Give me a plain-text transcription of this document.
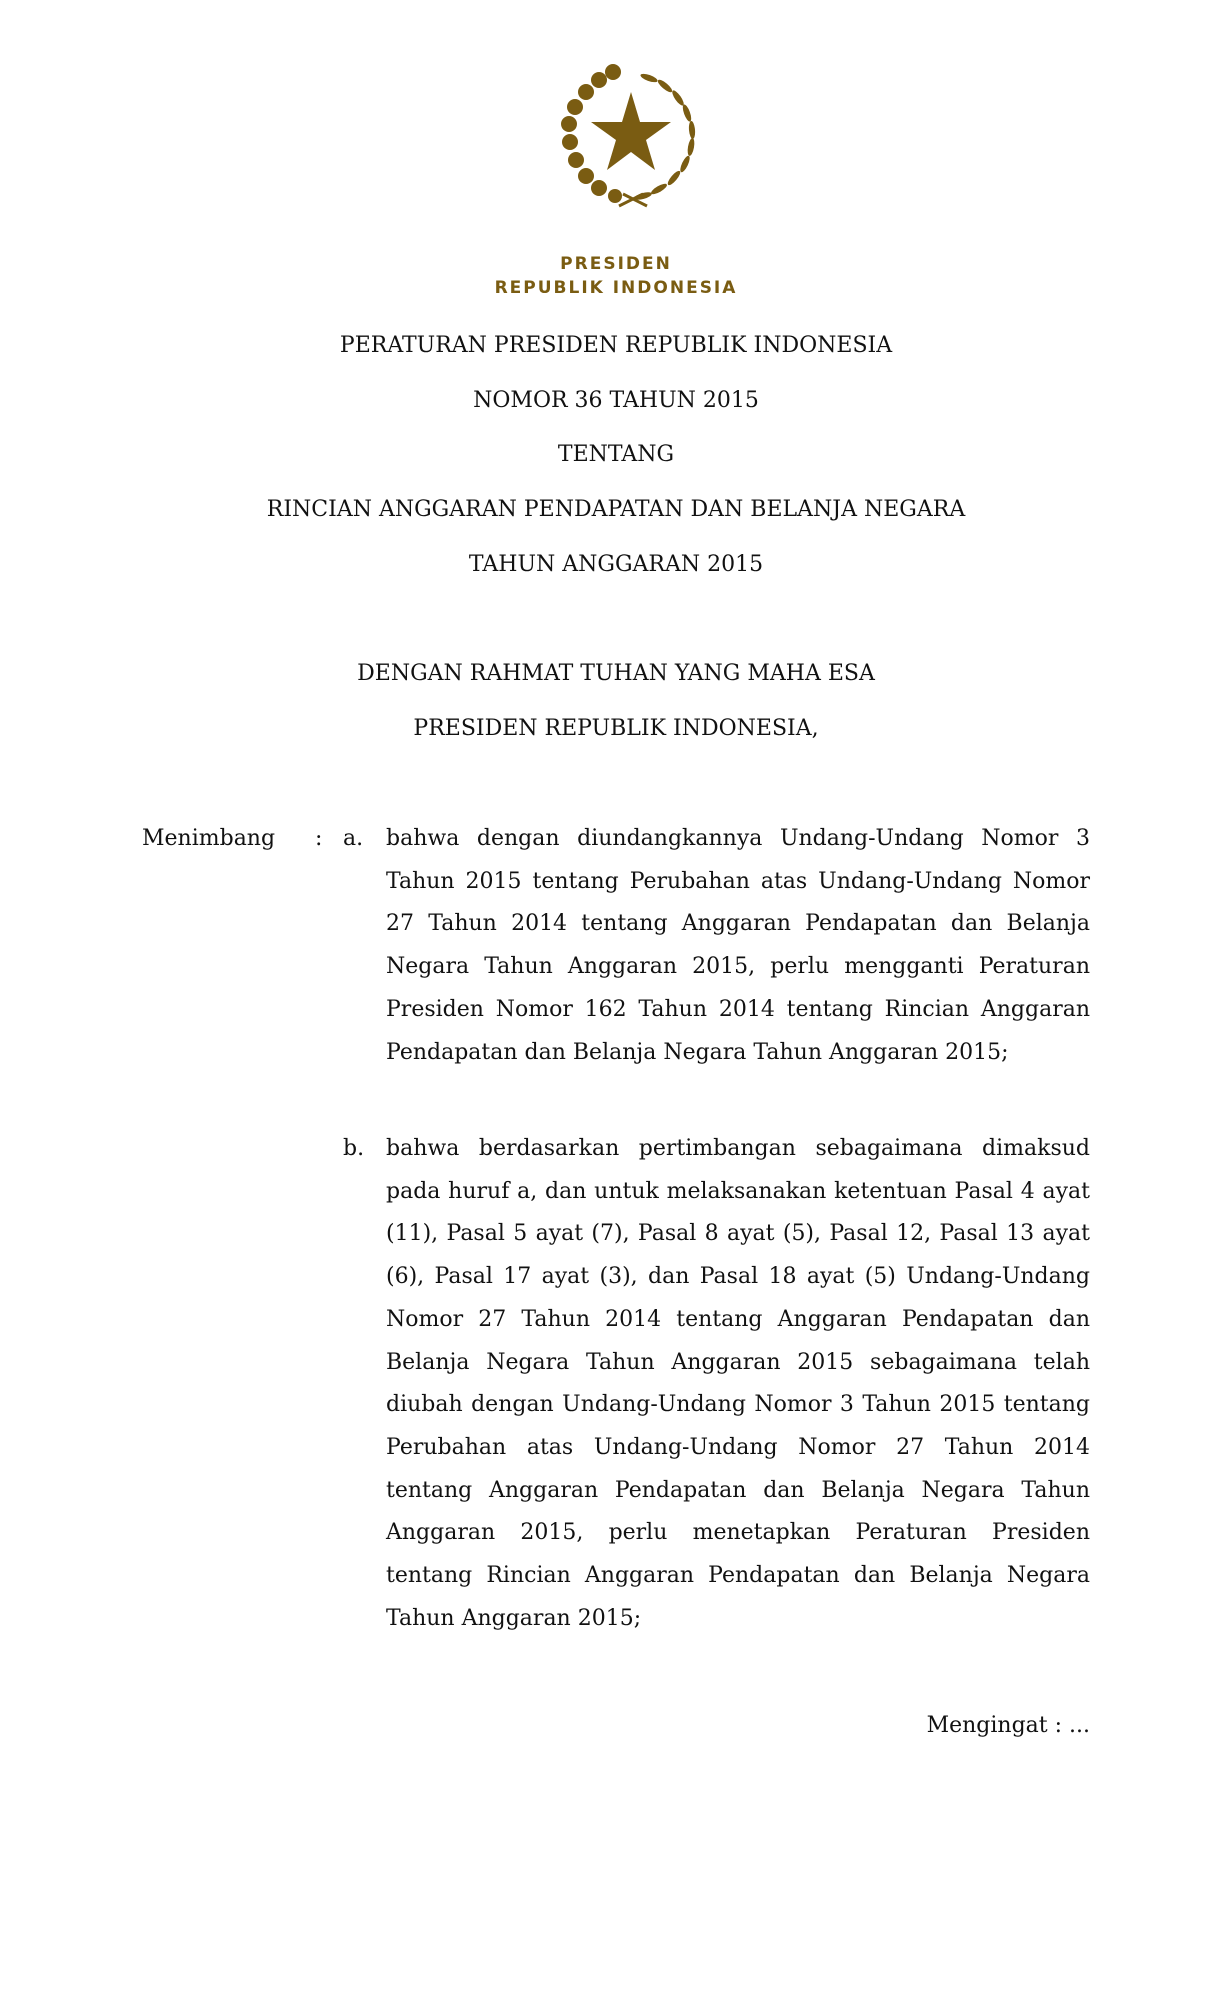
PRESIDEN
REPUBLIK INDONESIA
PERATURAN PRESIDEN REPUBLIK INDONESIA
NOMOR 36 TAHUN 2015
TENTANG
RINCIAN ANGGARAN PENDAPATAN DAN BELANJA NEGARA
TAHUN ANGGARAN 2015
DENGAN RAHMAT TUHAN YANG MAHA ESA
PRESIDEN REPUBLIK INDONESIA,
Menimbang : a. bahwa dengan diundangkannya Undang-Undang Nomor 3 Tahun 2015 tentang Perubahan atas Undang-Undang Nomor 27 Tahun 2014 tentang Anggaran Pendapatan dan Belanja Negara Tahun Anggaran 2015, perlu mengganti Peraturan Presiden Nomor 162 Tahun 2014 tentang Rincian Anggaran Pendapatan dan Belanja Negara Tahun Anggaran 2015;
b. bahwa berdasarkan pertimbangan sebagaimana dimaksud pada huruf a, dan untuk melaksanakan ketentuan Pasal 4 ayat (11), Pasal 5 ayat (7), Pasal 8 ayat (5), Pasal 12, Pasal 13 ayat (6), Pasal 17 ayat (3), dan Pasal 18 ayat (5) Undang-Undang Nomor 27 Tahun 2014 tentang Anggaran Pendapatan dan Belanja Negara Tahun Anggaran 2015 sebagaimana telah diubah dengan Undang-Undang Nomor 3 Tahun 2015 tentang Perubahan atas Undang-Undang Nomor 27 Tahun 2014 tentang Anggaran Pendapatan dan Belanja Negara Tahun Anggaran 2015, perlu menetapkan Peraturan Presiden tentang Rincian Anggaran Pendapatan dan Belanja Negara Tahun Anggaran 2015;
Mengingat : ...
